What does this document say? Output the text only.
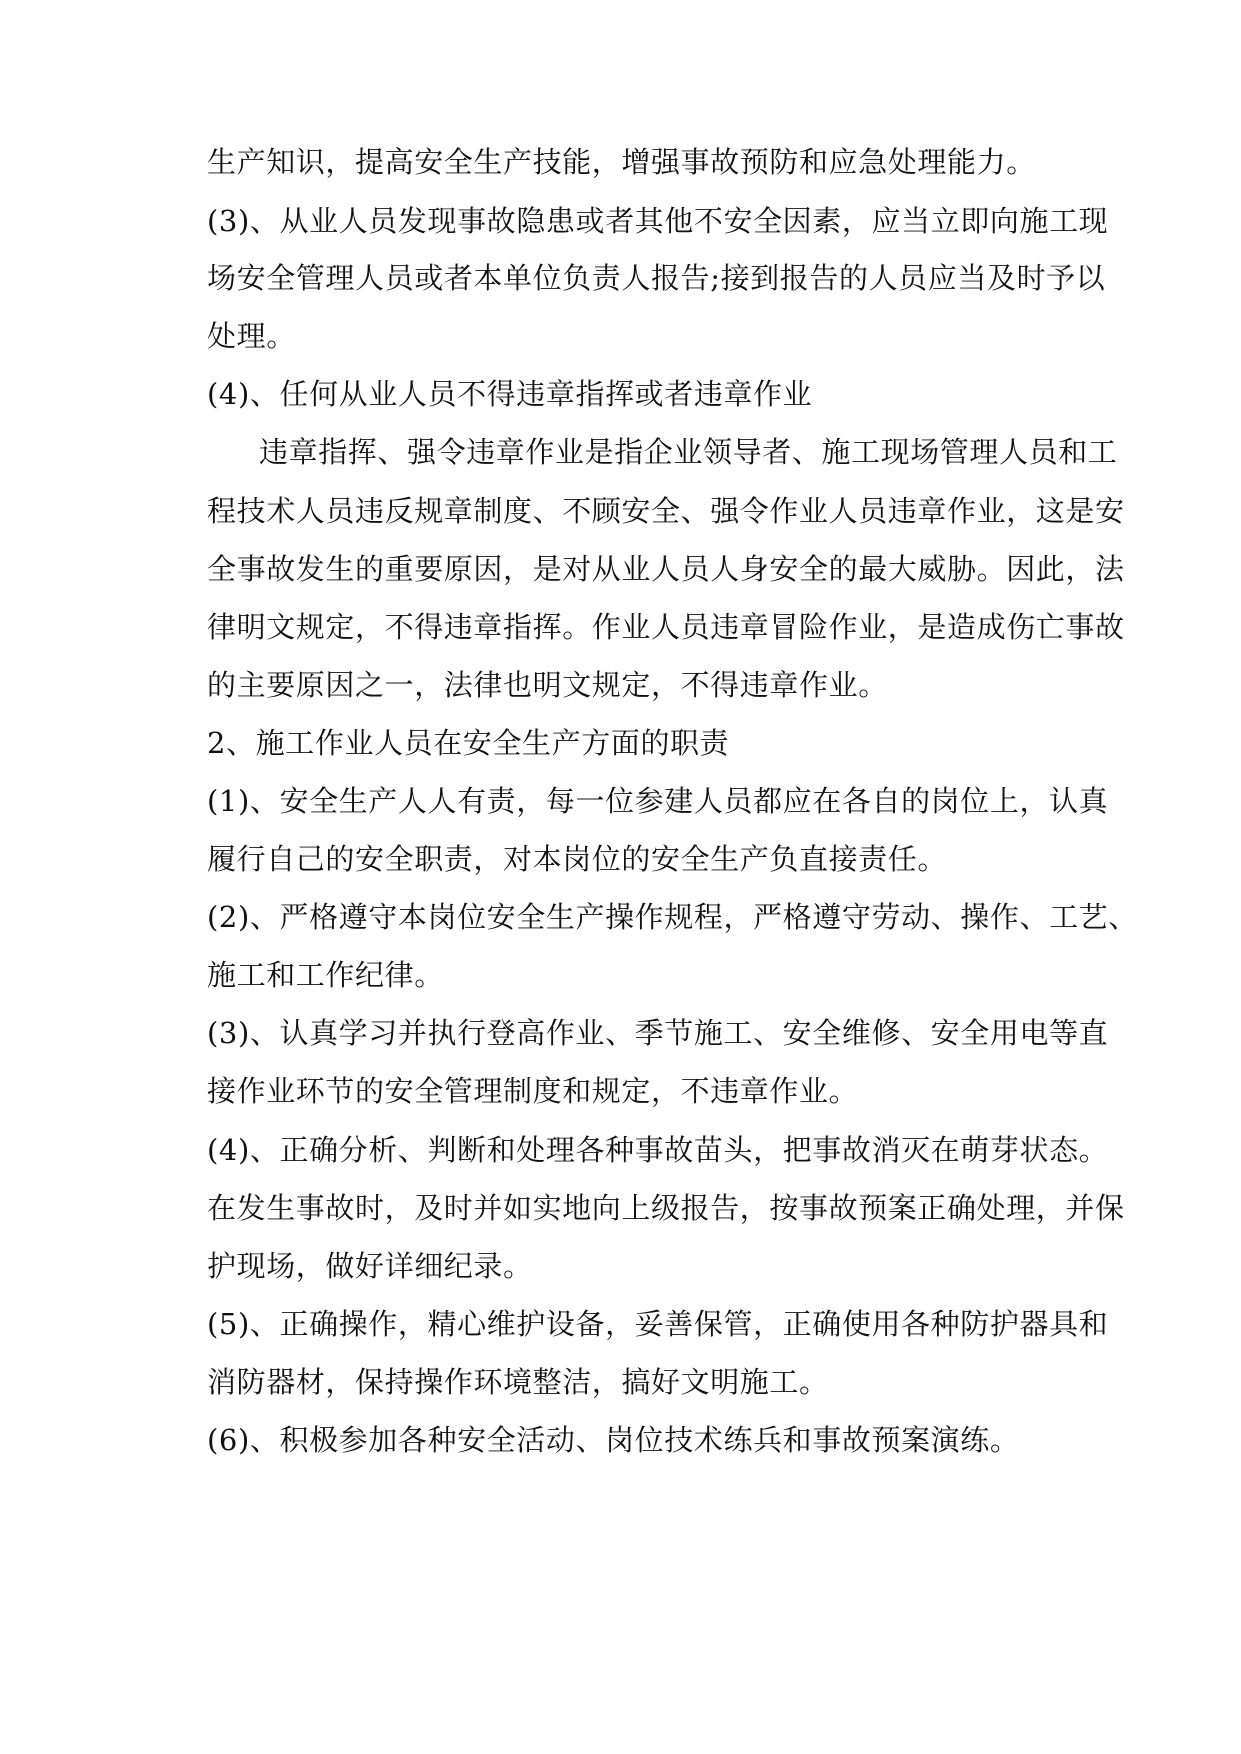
生产知识，提高安全生产技能，增强事故预防和应急处理能力。
(3)、从业人员发现事故隐患或者其他不安全因素，应当立即向施工现
场安全管理人员或者本单位负责人报告;接到报告的人员应当及时予以
处理。
(4)、任何从业人员不得违章指挥或者违章作业
违章指挥、强令违章作业是指企业领导者、施工现场管理人员和工
程技术人员违反规章制度、不顾安全、强令作业人员违章作业，这是安
全事故发生的重要原因，是对从业人员人身安全的最大威胁。因此，法
律明文规定，不得违章指挥。作业人员违章冒险作业，是造成伤亡事故
的主要原因之一，法律也明文规定，不得违章作业。
2、施工作业人员在安全生产方面的职责
(1)、安全生产人人有责，每一位参建人员都应在各自的岗位上，认真
履行自己的安全职责，对本岗位的安全生产负直接责任。
(2)、严格遵守本岗位安全生产操作规程，严格遵守劳动、操作、工艺、
施工和工作纪律。
(3)、认真学习并执行登高作业、季节施工、安全维修、安全用电等直
接作业环节的安全管理制度和规定，不违章作业。
(4)、正确分析、判断和处理各种事故苗头，把事故消灭在萌芽状态。
在发生事故时，及时并如实地向上级报告，按事故预案正确处理，并保
护现场，做好详细纪录。
(5)、正确操作，精心维护设备，妥善保管，正确使用各种防护器具和
消防器材，保持操作环境整洁，搞好文明施工。
(6)、积极参加各种安全活动、岗位技术练兵和事故预案演练。
